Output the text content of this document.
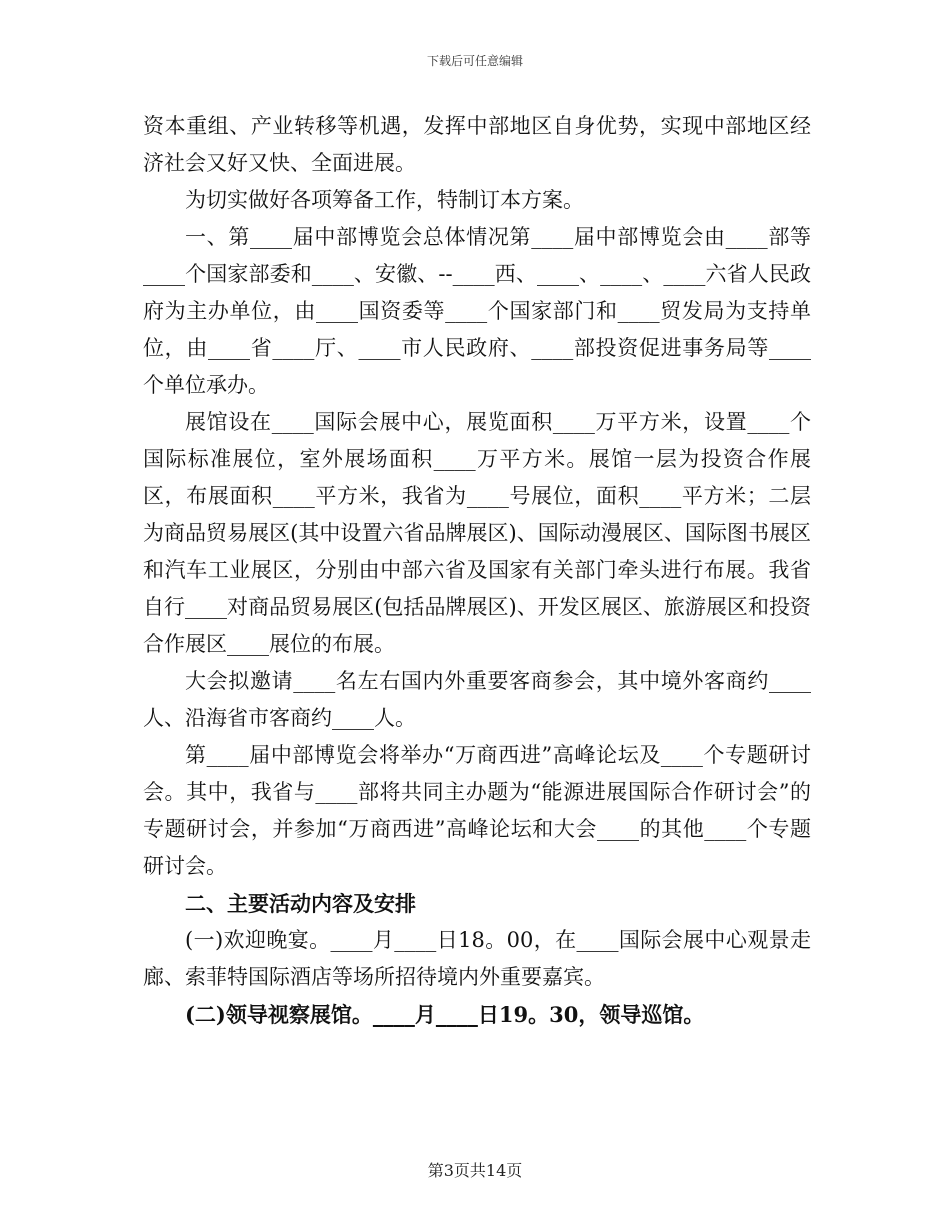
下载后可任意编辑

资本重组、产业转移等机遇，发挥中部地区自身优势，实现中部地区经济社会又好又快、全面进展。

为切实做好各项筹备工作，特制订本方案。

一、第____届中部博览会总体情况第____届中部博览会由____部等____个国家部委和____、安徽、--____西、____、____、____六省人民政府为主办单位，由____国资委等____个国家部门和____贸发局为支持单位，由____省____厅、____市人民政府、____部投资促进事务局等____个单位承办。

展馆设在____国际会展中心，展览面积____万平方米，设置____个国际标准展位，室外展场面积____万平方米。展馆一层为投资合作展区，布展面积____平方米，我省为____号展位，面积____平方米；二层为商品贸易展区(其中设置六省品牌展区)、国际动漫展区、国际图书展区和汽车工业展区，分别由中部六省及国家有关部门牵头进行布展。我省自行____对商品贸易展区(包括品牌展区)、开发区展区、旅游展区和投资合作展区____展位的布展。

大会拟邀请____名左右国内外重要客商参会，其中境外客商约____人、沿海省市客商约____人。

第____届中部博览会将举办“万商西进”高峰论坛及____个专题研讨会。其中，我省与____部将共同主办题为“能源进展国际合作研讨会”的专题研讨会，并参加“万商西进”高峰论坛和大会____的其他____个专题研讨会。

二、主要活动内容及安排

(一)欢迎晚宴。____月____日18。00，在____国际会展中心观景走廊、索菲特国际酒店等场所招待境内外重要嘉宾。

(二)领导视察展馆。____月____日19。30，领导巡馆。

第3页共14页
